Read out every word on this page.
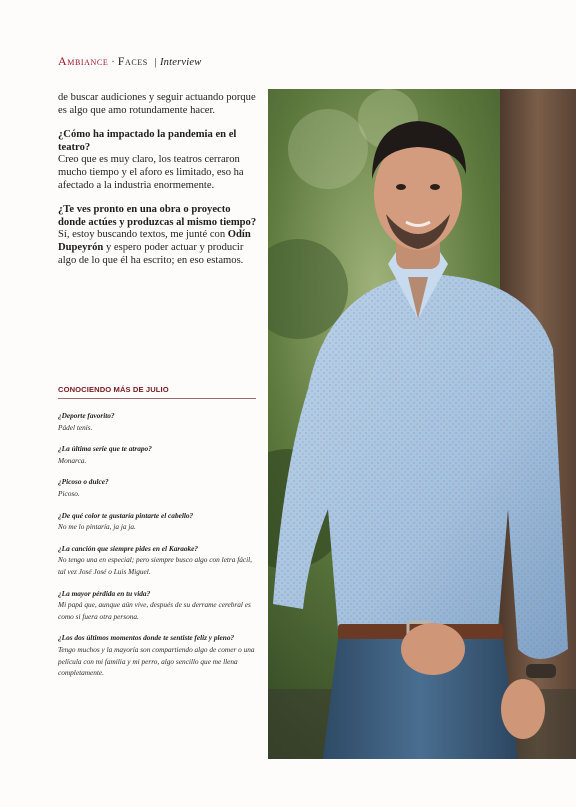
Ambiance · Faces | Interview

de buscar audiciones y seguir actuando porque es algo que amo rotundamente hacer.

¿Cómo ha impactado la pandemia en el teatro?

Creo que es muy claro, los teatros cerraron mucho tiempo y el aforo es limitado, eso ha afectado a la industria enormemente.

¿Te ves pronto en una obra o proyecto donde actúes y produzcas al mismo tiempo?

Sí, estoy buscando textos, me junté con Odín Dupeyrón y espero poder actuar y producir algo de lo que él ha escrito; en eso estamos.

CONOCIENDO MÁS DE JULIO
¿Deporte favorito?
Pádel tenis.
¿La última serie que te atrapo?
Monarca.
¿Picoso o dulce?
Picoso.
¿De qué color te gustaría pintarte el cabello?
No me lo pintaría, ja ja ja.
¿La canción que siempre pides en el Karaoke?
No tengo una en especial; pero siempre busco algo con letra fácil, tal vez José José o Luis Miguel.
¿La mayor pérdida en tu vida?
Mi papá que, aunque aún vive, después de su derrame cerebral es como si fuera otra persona.
¿Los dos últimos momentos donde te sentiste feliz y pleno?
Tengo muchos y la mayoría son compartiendo algo de comer o una película con mi familia y mi perro, algo sencillo que me llena completamente.
